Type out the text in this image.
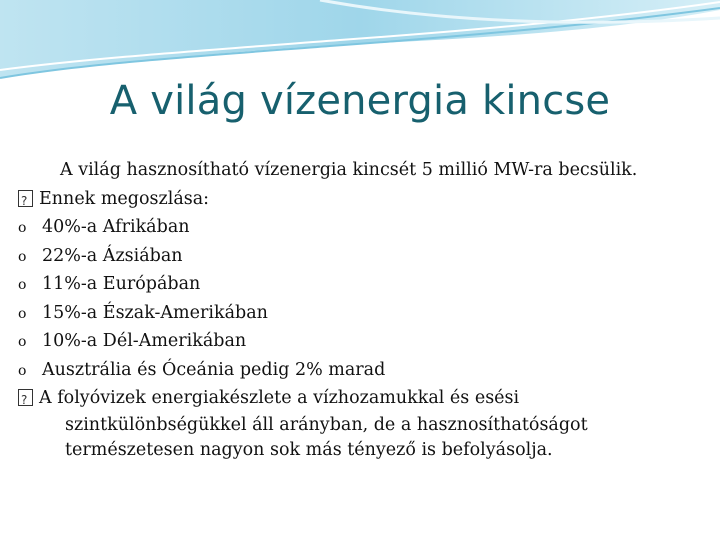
A világ vízenergia kincse
A világ hasznosítható vízenergia kincsét 5 millió MW-ra becsülik.
?Ennek megoszlása:
o 40%-a Afrikában
o 22%-a Ázsiában
o 11%-a Európában
o 15%-a Észak-Amerikában
o 10%-a Dél-Amerikában
o Ausztrália és Óceánia pedig 2% marad
?A folyóvizek energiakészlete a vízhozamukkal és esési
szintkülönbségükkel áll arányban, de a hasznosíthatóságot
természetesen nagyon sok más tényező is befolyásolja.
